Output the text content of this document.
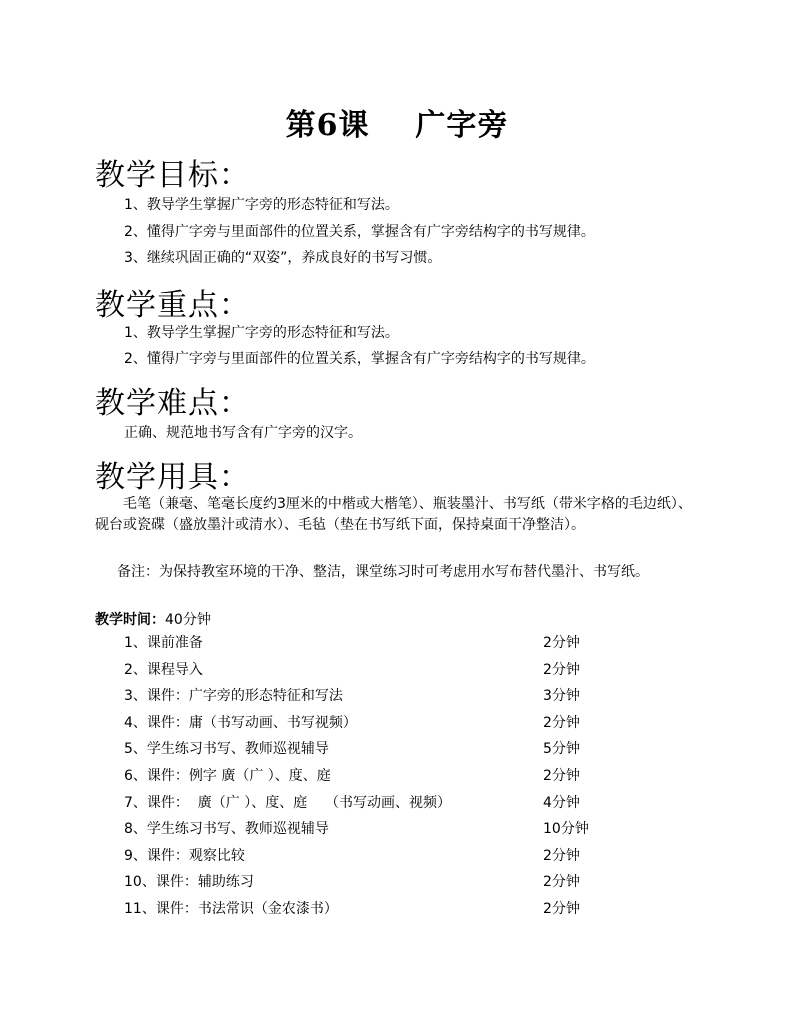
第6课    广字旁
教学目标：
1、教导学生掌握广字旁的形态特征和写法。
2、懂得广字旁与里面部件的位置关系，掌握含有广字旁结构字的书写规律。
3、继续巩固正确的“双姿”，养成良好的书写习惯。
教学重点：
1、教导学生掌握广字旁的形态特征和写法。
2、懂得广字旁与里面部件的位置关系，掌握含有广字旁结构字的书写规律。
教学难点：
正确、规范地书写含有广字旁的汉字。
教学用具：
毛笔（兼毫、笔毫长度约3厘米的中楷或大楷笔）、瓶装墨汁、书写纸（带米字格的毛边纸）、砚台或瓷碟（盛放墨汁或清水）、毛毡（垫在书写纸下面，保持桌面干净整洁）。
备注：为保持教室环境的干净、整洁，课堂练习时可考虑用水写布替代墨汁、书写纸。
教学时间：40分钟
1、课前准备	2分钟
2、课程导入	2分钟
3、课件：广字旁的形态特征和写法	3分钟
4、课件：庸（书写动画、书写视频）	2分钟
5、学生练习书写、教师巡视辅导	5分钟
6、课件：例字 廣（广 ）、度、庭	2分钟
7、课件：  廣（广 ）、度、庭    （书写动画、视频）	4分钟
8、学生练习书写、教师巡视辅导	10分钟
9、课件：观察比较	2分钟
10、课件：辅助练习	2分钟
11、课件：书法常识（金农漆书）	2分钟
